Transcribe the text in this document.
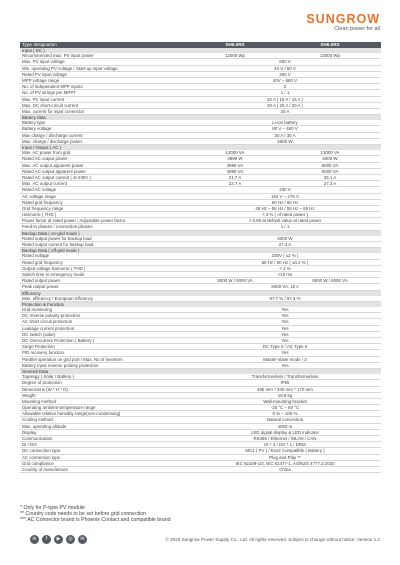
SUNGROW
Clean power for all
Type designation	SH5.0RS	SH6.0RS
Input ( DC )
Recommended max. PV input power	12000 Wp	13000 Wp
Max. PV input voltage	600 V
Min. operating PV voltage / Start-up input voltage	40 V / 50 V
Rated PV input voltage	360 V
MPP voltage range	40V – 560 V
No. of independent MPP inputs	2
No. of PV strings per MPPT	1 / 1
Max. PV input current	32 A ( 16 A / 16 A )
Max. DC short-circuit current	40 A ( 20 A / 20 A )
Max. current for input connector	20 A
Battery data
Battery type	Li-ion battery
Battery voltage	80 V – 460 V
Max charge / discharge current	30 A / 30 A
Max. charge / discharge power	6600 W
Input / Output ( AC )
Max. AC power from grid	12000 VA	13000 VA
Rated AC output power	4999 W	6000 W
Max. AC output apparent power	4999 VA	6000 VA
Rated AC output apparent power	4999 VA	6000 VA
Rated AC output current ( at 230V )	21.7 A	26.1 A
Max. AC output current	22.7 A	27.3 A
Rated AC voltage	230 V
AC voltage range	154 V – 276 V
Rated grid frequency	50 Hz / 60 Hz
Grid frequency range	45 Hz – 55 Hz / 55 Hz – 65 Hz
Harmonic ( THD )	< 3 % ( of rated power )
Power factor at rated power / Adjustable power factor	> 0.99 at default value at rated power
Feed-in phases / connection phases	1 / 1
Backup Data ( on-grid mode )
Rated output power for backup load	6000 W
Rated output current for backup load	27.3 A
Backup Data ( off-grid mode )
Rated voltage	230V ( ±2 % )
Rated grid frequency	50 Hz / 60 Hz ( ±0.2 % )
Output voltage harmonic ( THD )	< 2 %
Switch time to emergency mode	<10 ms
Rated output power	5000 W / 5000 VA	6000 W / 6000 VA
Peak output power	8400 VA, 10 s
Efficiency
Max. efficiency / European efficiency	97.7 % / 97.3 %
Protection & Function
Grid monitoring	Yes
DC reverse polarity protection	Yes
AC short circuit protection	Yes
Leakage current protection	Yes
DC switch (solar)	Yes
DC Overcurrent Protection ( Battery )	Yes
Surge Protection	DC Type II / AC Type II
PID recovery function	Yes
Parallel operation on grid port / Max. No of inverters	Master-slave mode / 3
Battery input reverse polarity protection	Yes
General Data
Topology ( Solar / Battery )	Transformerless / Transformerless
Degree of protection	IP65
Dimensions (W * H * D)	490 mm * 340 mm * 170 mm
Weight	18.5 kg
Mounting method	Wall-mounting bracket
Operating ambient temperature range	-25 °C – 60 °C
Allowable relative humidity range(non-condensing)	0 % – 100 %
Cooling method	Natural convection
Max. operating altitude	4000 m
Display	LED digital display & LED indicator
Communication	RS485 / Ethernet / WLAN / CAN
DI / DO	DI * 4 / DO * 1 / DRM
DC connection type	MC4 ( PV ) / Evo2 Compatible ( Battery )
AC connection type	Plug and Play **
Grid compliance	IEC 62109-1/2, IEC 62477-1, AS/NZS 4777.2:2020
Country of manufacture	China
* Only for P-type PV module
** Country code needs to be set before grid connection
*** AC Connector brand is Phoenix Contact and compatible brand
in	f	▶	◎	✉	© 2023 Sungrow Power Supply Co., Ltd. All rights reserved. Subject to change without notice. Version 1.2
